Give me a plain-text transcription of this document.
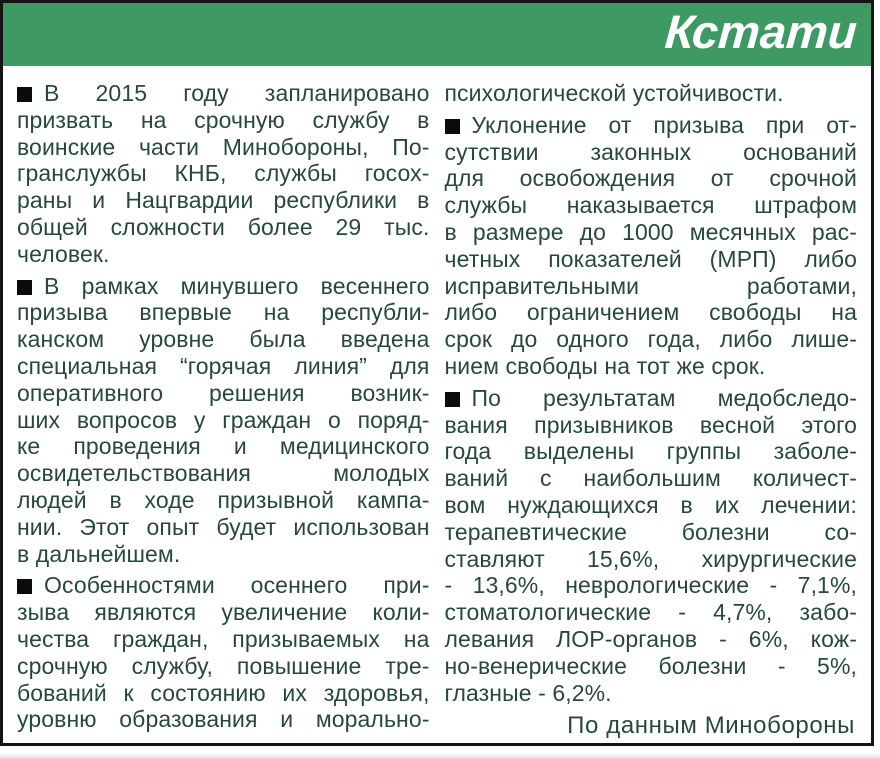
Кстати
В 2015 году запланировано
призвать на срочную службу в
воинские части Минобороны, По-
гранслужбы КНБ, службы госох-
раны и Нацгвардии республики в
общей сложности более 29 тыс.
человек.
В рамках минувшего весеннего
призыва впервые на республи-
канском уровне была введена
специальная “горячая линия” для
оперативного решения возник-
ших вопросов у граждан о поряд-
ке проведения и медицинского
освидетельствования молодых
людей в ходе призывной кампа-
нии. Этот опыт будет использован
в дальнейшем.
Особенностями осеннего при-
зыва являются увеличение коли-
чества граждан, призываемых на
срочную службу, повышение тре-
бований к состоянию их здоровья,
уровню образования и морально-
психологической устойчивости.
Уклонение от призыва при от-
сутствии законных оснований
для освобождения от срочной
службы наказывается штрафом
в размере до 1000 месячных рас-
четных показателей (МРП) либо
исправительными работами,
либо ограничением свободы на
срок до одного года, либо лише-
нием свободы на тот же срок.
По результатам медобследо-
вания призывников весной этого
года выделены группы заболе-
ваний с наибольшим количест-
вом нуждающихся в их лечении:
терапевтические болезни со-
ставляют 15,6%, хирургические
- 13,6%, неврологические - 7,1%,
стоматологические - 4,7%, забо-
левания ЛОР-органов - 6%, кож-
но-венерические болезни - 5%,
глазные - 6,2%.
По данным Минобороны
